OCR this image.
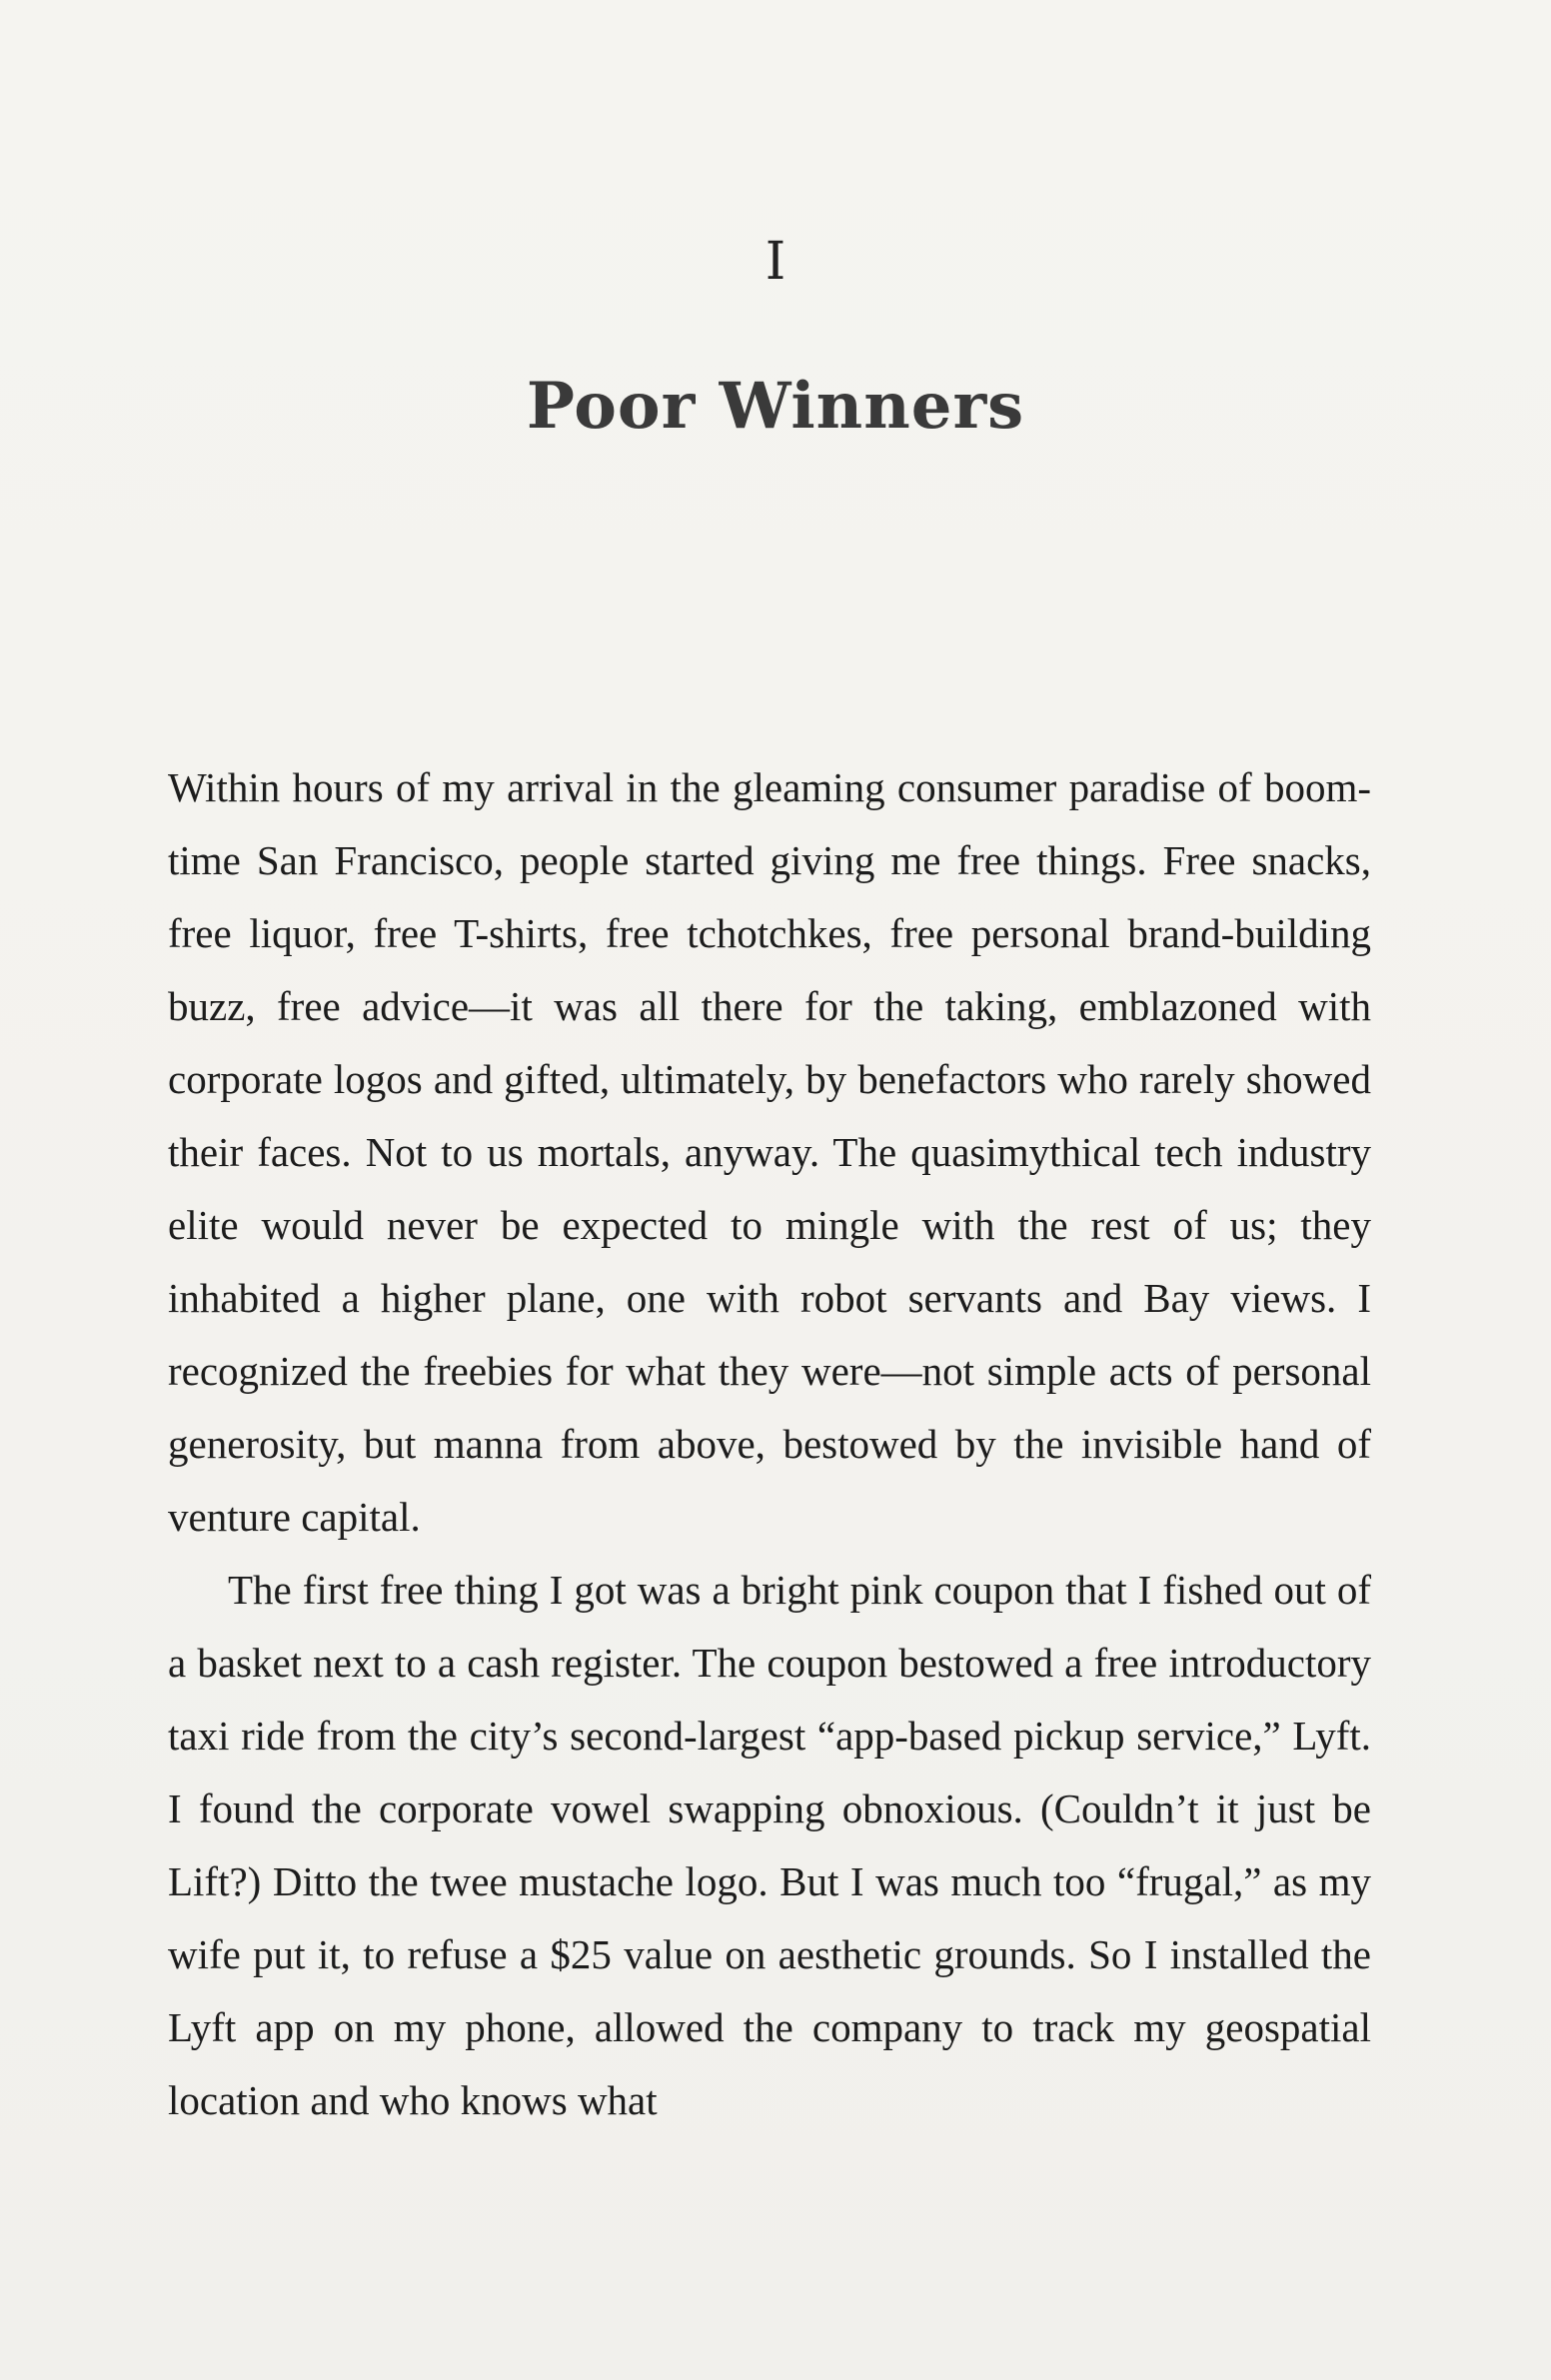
I
Poor Winners

Within hours of my arrival in the gleaming consumer paradise of boom-time San Francisco, people started giving me free things. Free snacks, free liquor, free T-shirts, free tchotchkes, free personal brand-building buzz, free advice—it was all there for the taking, emblazoned with corporate logos and gifted, ultimately, by benefactors who rarely showed their faces. Not to us mortals, anyway. The quasimythical tech industry elite would never be expected to mingle with the rest of us; they inhabited a higher plane, one with robot servants and Bay views. I recognized the freebies for what they were—not simple acts of personal generosity, but manna from above, bestowed by the invisible hand of venture capital.

The first free thing I got was a bright pink coupon that I fished out of a basket next to a cash register. The coupon bestowed a free introductory taxi ride from the city’s second-largest “app-based pickup service,” Lyft. I found the corporate vowel swapping obnoxious. (Couldn’t it just be Lift?) Ditto the twee mustache logo. But I was much too “frugal,” as my wife put it, to refuse a $25 value on aesthetic grounds. So I installed the Lyft app on my phone, allowed the company to track my geospatial location and who knows what
